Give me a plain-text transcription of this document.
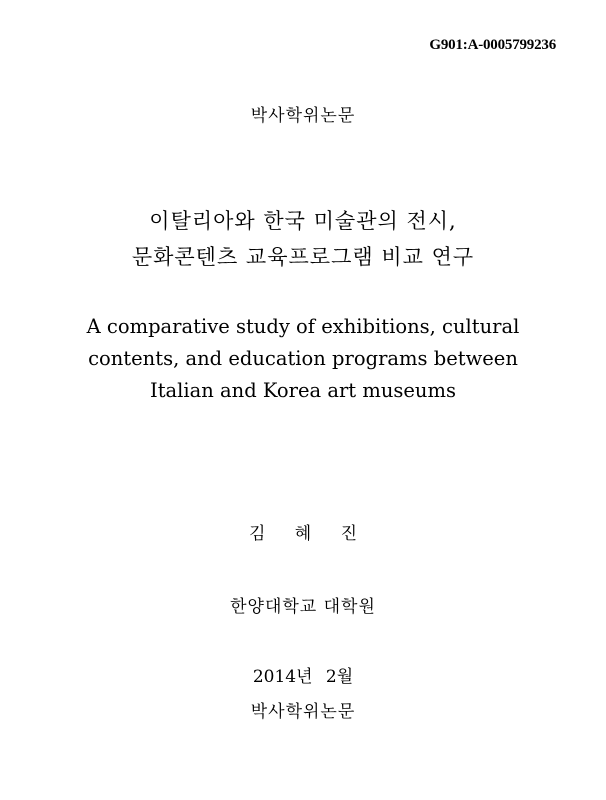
G901:A-0005799236

박사학위논문

이탈리아와 한국 미술관의 전시,
문화콘텐츠 교육프로그램 비교 연구
A comparative study of exhibitions, cultural
contents, and education programs between
Italian and Korea art museums

김 혜 진

한양대학교 대학원

2014년 2월

박사학위논문
